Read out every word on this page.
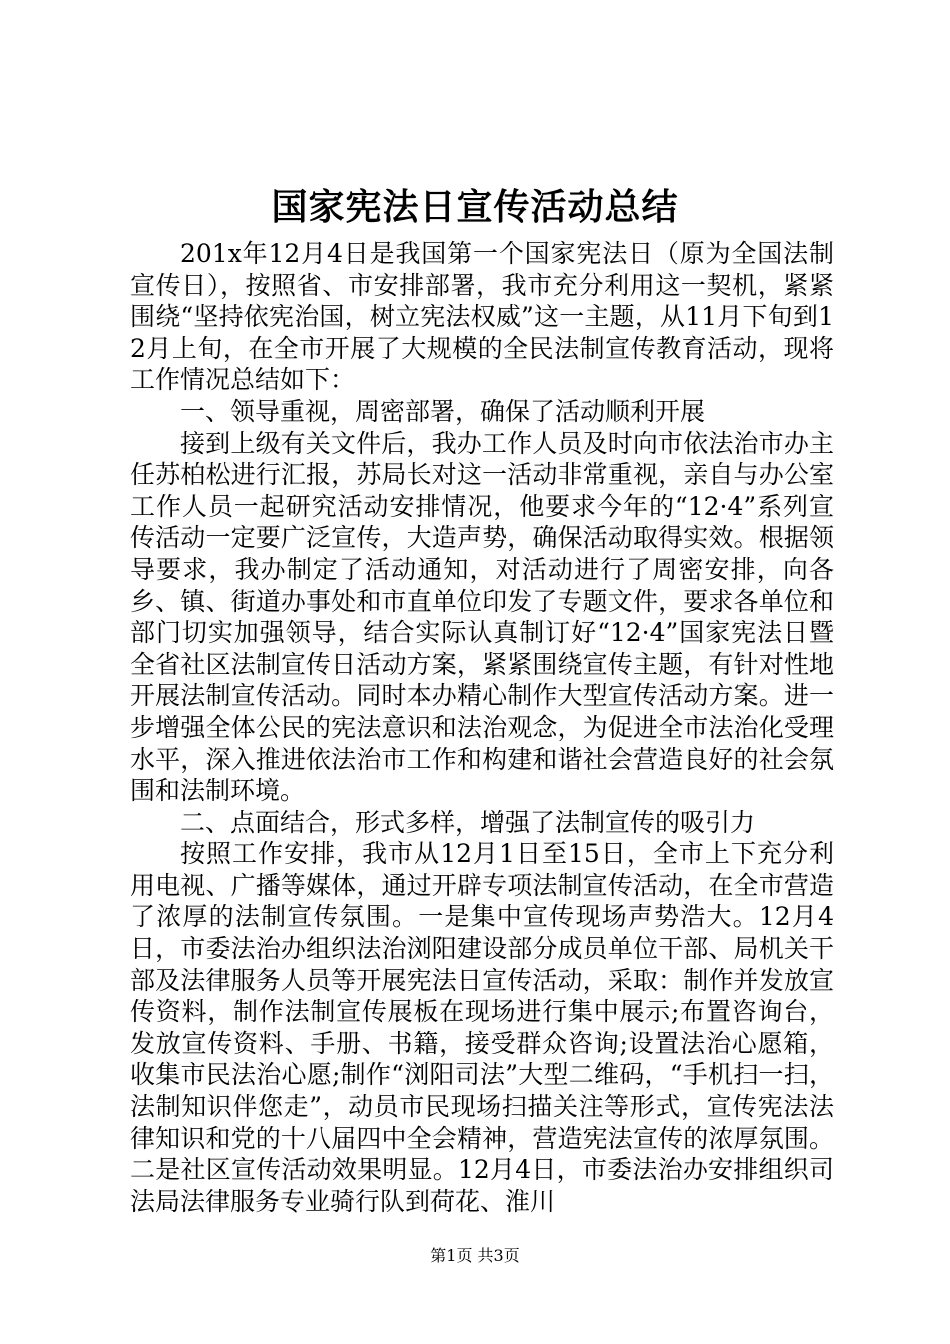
国家宪法日宣传活动总结

201x年12月4日是我国第一个国家宪法日（原为全国法制宣传日），按照省、市安排部署，我市充分利用这一契机，紧紧围绕“坚持依宪治国，树立宪法权威”这一主题，从11月下旬到12月上旬，在全市开展了大规模的全民法制宣传教育活动，现将工作情况总结如下：

一、领导重视，周密部署，确保了活动顺利开展

接到上级有关文件后，我办工作人员及时向市依法治市办主任苏柏松进行汇报，苏局长对这一活动非常重视，亲自与办公室工作人员一起研究活动安排情况，他要求今年的“12·4”系列宣传活动一定要广泛宣传，大造声势，确保活动取得实效。根据领导要求，我办制定了活动通知，对活动进行了周密安排，向各乡、镇、街道办事处和市直单位印发了专题文件，要求各单位和部门切实加强领导，结合实际认真制订好“12·4”国家宪法日暨全省社区法制宣传日活动方案，紧紧围绕宣传主题，有针对性地开展法制宣传活动。同时本办精心制作大型宣传活动方案。进一步增强全体公民的宪法意识和法治观念，为促进全市法治化受理水平，深入推进依法治市工作和构建和谐社会营造良好的社会氛围和法制环境。

二、点面结合，形式多样，增强了法制宣传的吸引力

按照工作安排，我市从12月1日至15日，全市上下充分利用电视、广播等媒体，通过开辟专项法制宣传活动，在全市营造了浓厚的法制宣传氛围。一是集中宣传现场声势浩大。12月4日，市委法治办组织法治浏阳建设部分成员单位干部、局机关干部及法律服务人员等开展宪法日宣传活动，采取：制作并发放宣传资料，制作法制宣传展板在现场进行集中展示;布置咨询台，发放宣传资料、手册、书籍，接受群众咨询;设置法治心愿箱，收集市民法治心愿;制作“浏阳司法”大型二维码，“手机扫一扫，法制知识伴您走”，动员市民现场扫描关注等形式，宣传宪法法律知识和党的十八届四中全会精神，营造宪法宣传的浓厚氛围。二是社区宣传活动效果明显。12月4日，市委法治办安排组织司法局法律服务专业骑行队到荷花、淮川

第1页 共3页
